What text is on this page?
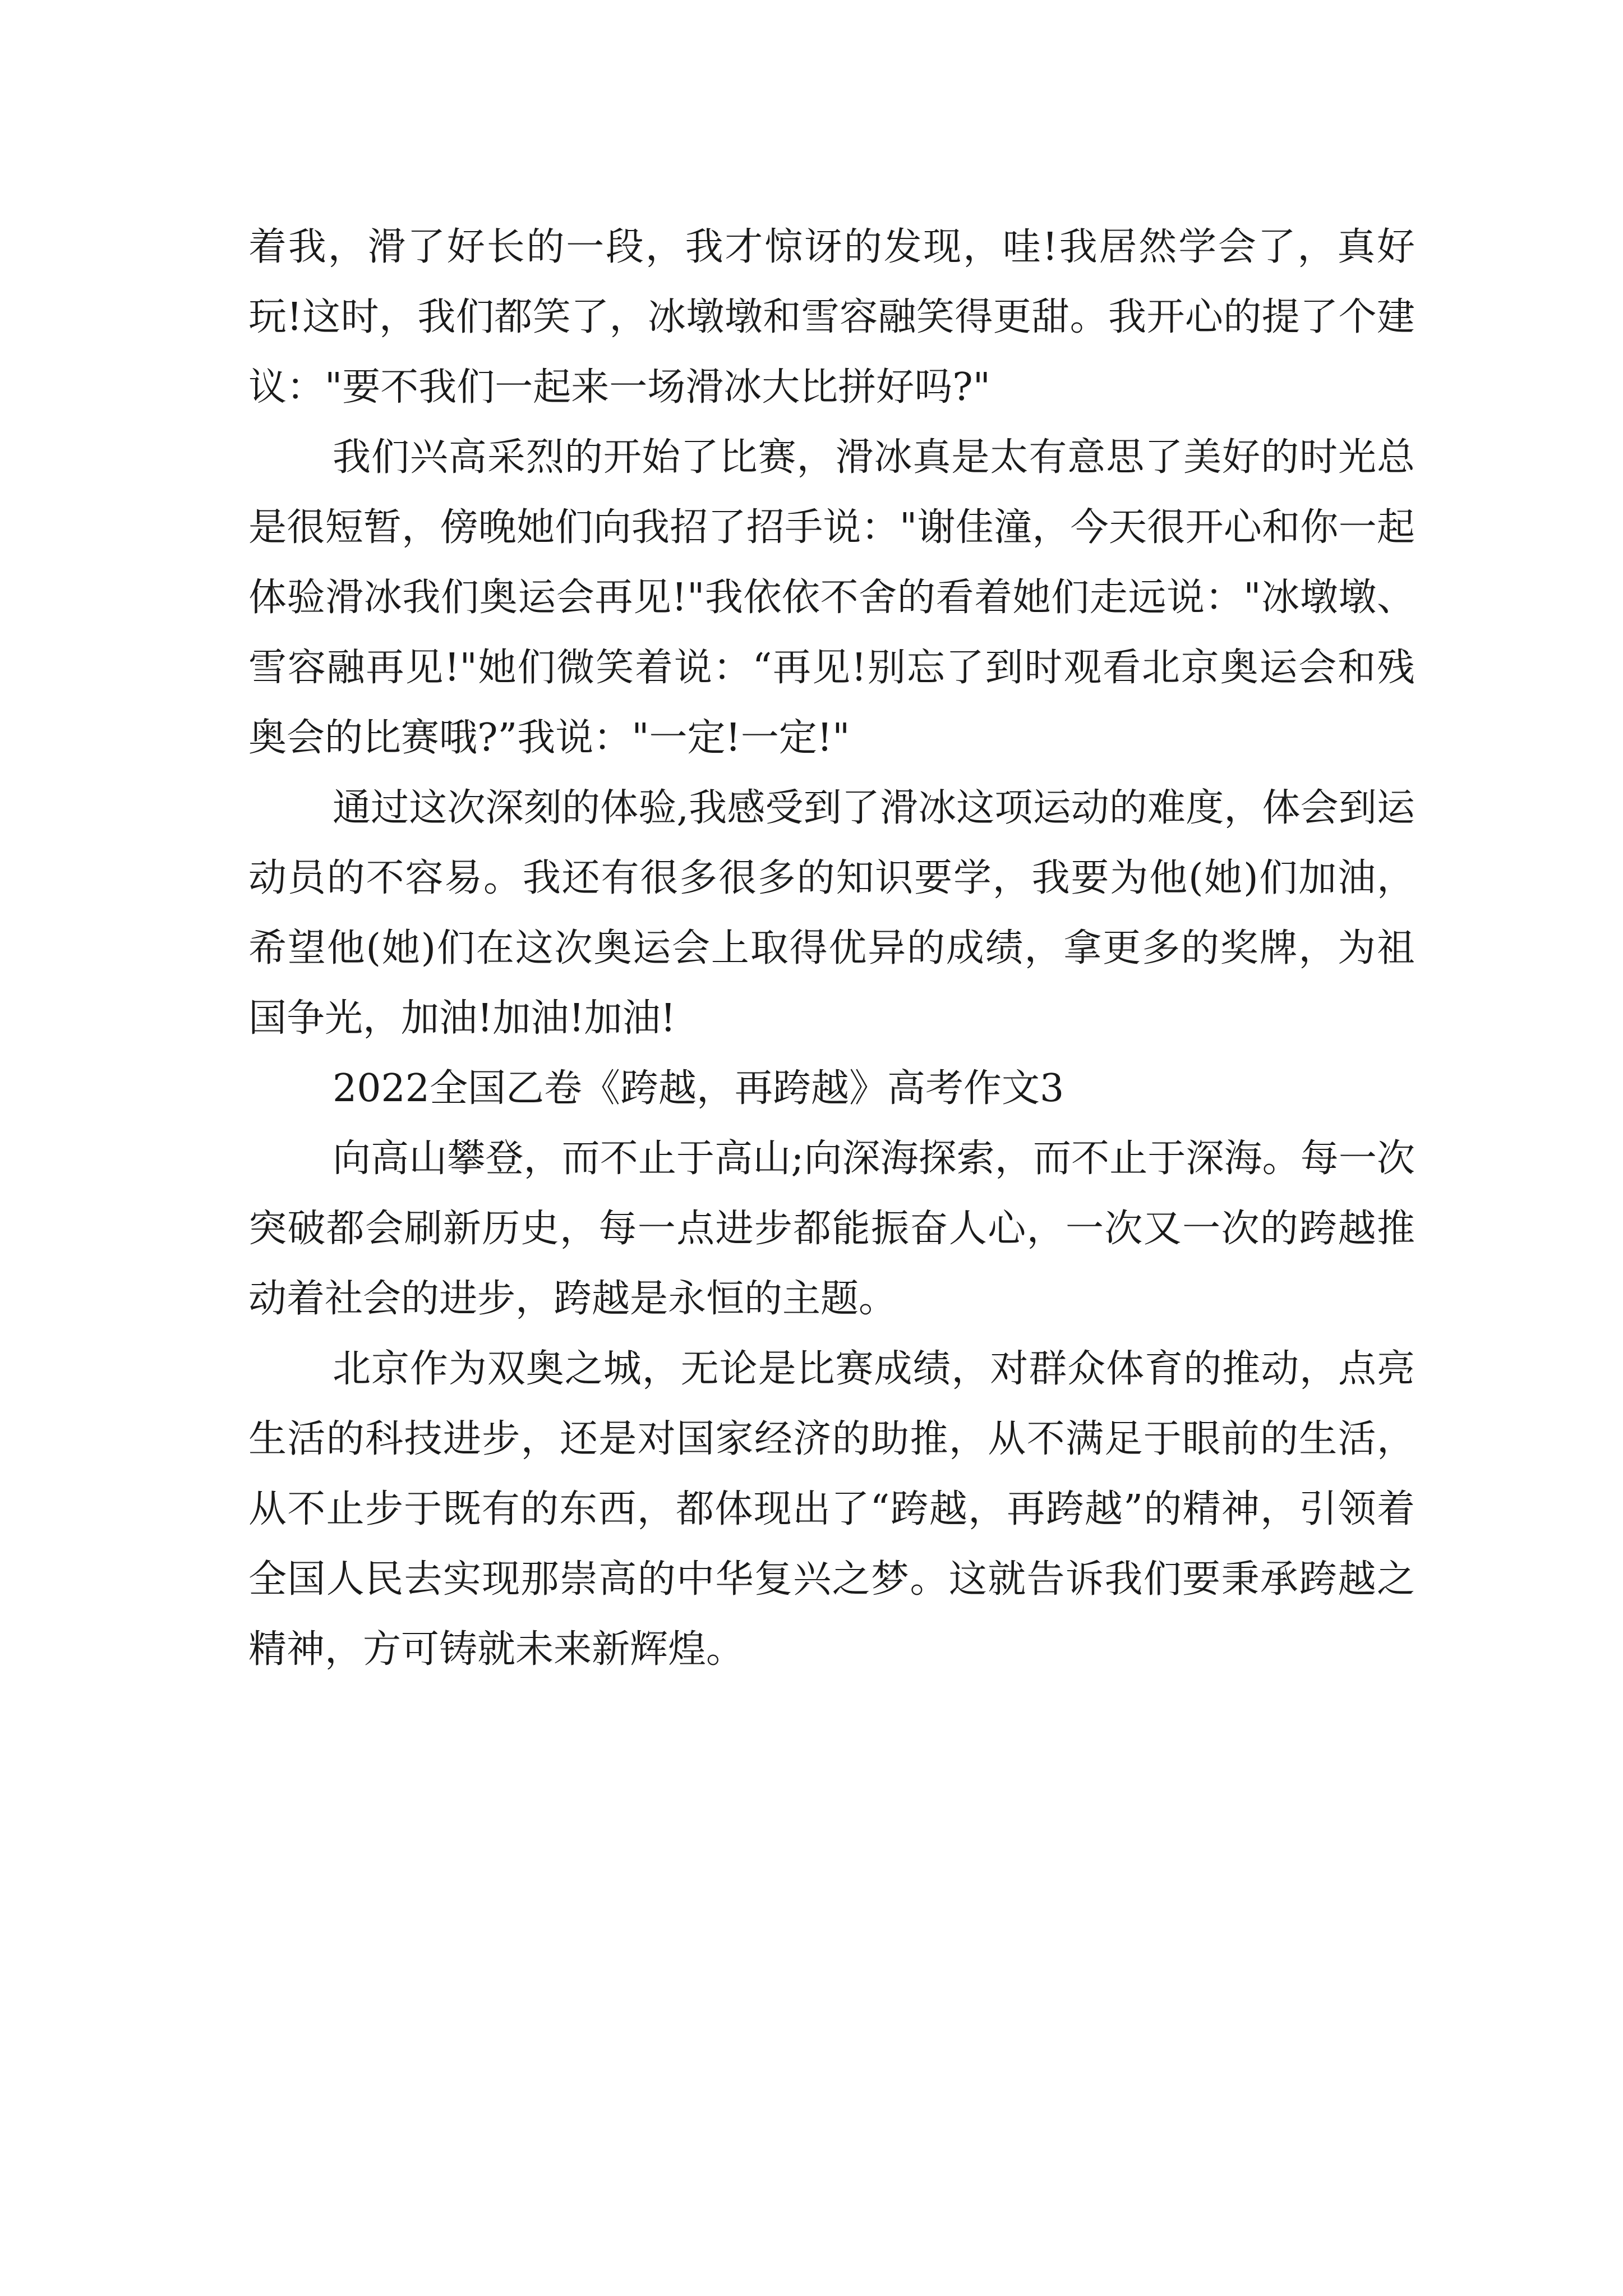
着我，滑了好长的一段，我才惊讶的发现，哇!我居然学会了，真好玩!这时，我们都笑了，冰墩墩和雪容融笑得更甜。我开心的提了个建议："要不我们一起来一场滑冰大比拼好吗?"

我们兴高采烈的开始了比赛，滑冰真是太有意思了美好的时光总是很短暂，傍晚她们向我招了招手说："谢佳潼，今天很开心和你一起体验滑冰我们奥运会再见!"我依依不舍的看着她们走远说："冰墩墩、雪容融再见!"她们微笑着说：“再见!别忘了到时观看北京奥运会和残奥会的比赛哦?”我说："一定!一定!"

通过这次深刻的体验,我感受到了滑冰这项运动的难度，体会到运动员的不容易。我还有很多很多的知识要学，我要为他(她)们加油，希望他(她)们在这次奥运会上取得优异的成绩，拿更多的奖牌，为祖国争光，加油!加油!加油!

2022全国乙卷《跨越，再跨越》高考作文3

向高山攀登，而不止于高山;向深海探索，而不止于深海。每一次突破都会刷新历史，每一点进步都能振奋人心，一次又一次的跨越推动着社会的进步，跨越是永恒的主题。

北京作为双奥之城，无论是比赛成绩，对群众体育的推动，点亮生活的科技进步，还是对国家经济的助推，从不满足于眼前的生活，从不止步于既有的东西，都体现出了“跨越，再跨越”的精神，引领着全国人民去实现那崇高的中华复兴之梦。这就告诉我们要秉承跨越之精神，方可铸就未来新辉煌。
